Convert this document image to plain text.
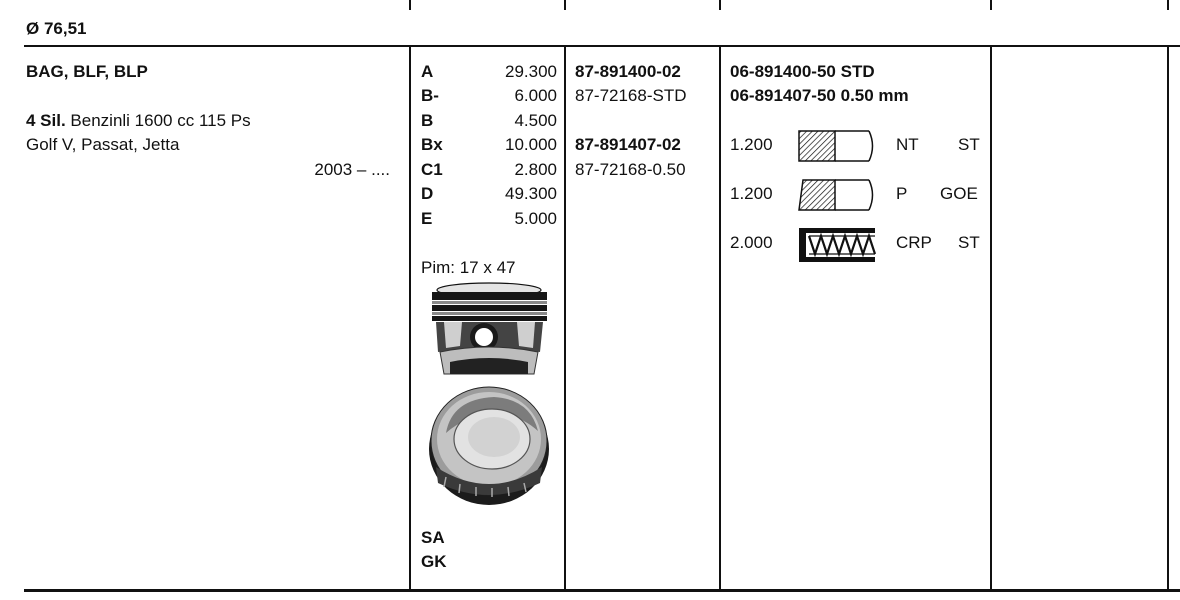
Ø 76,51
BAG, BLF, BLP
4 Sil. Benzinli 1600 cc 115 Ps
Golf V, Passat, Jetta
2003 – ....
A	29.300
B-	6.000
B	4.500
Bx	10.000
C1	2.800
D	49.300
E	5.000
Pim: 17 x 47
SA
GK
87-891400-02
87-72168-STD
87-891407-02
87-72168-0.50
06-891400-50 STD
06-891407-50 0.50 mm
1.200	NT ST
1.200	P GOE
2.000	CRP ST
